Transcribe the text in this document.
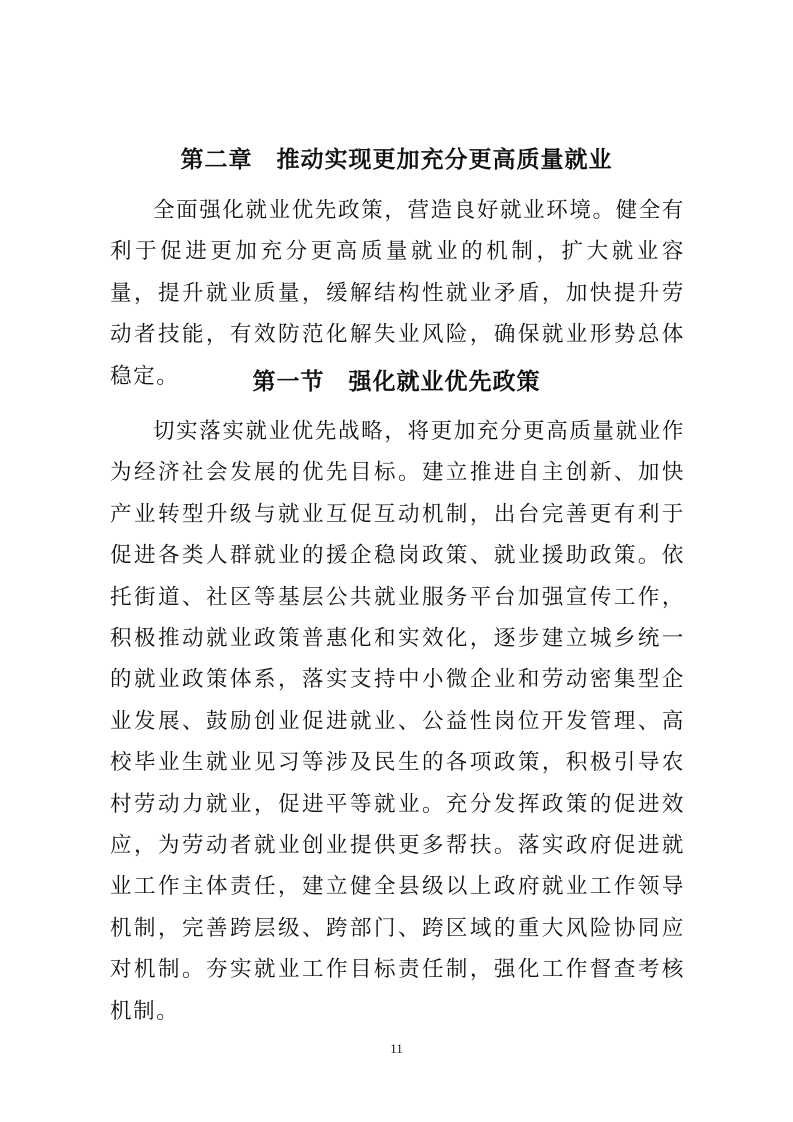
第二章　推动实现更加充分更高质量就业

全面强化就业优先政策，营造良好就业环境。健全有利于促进更加充分更高质量就业的机制，扩大就业容量，提升就业质量，缓解结构性就业矛盾，加快提升劳动者技能，有效防范化解失业风险，确保就业形势总体稳定。	第一节　强化就业优先政策

切实落实就业优先战略，将更加充分更高质量就业作为经济社会发展的优先目标。建立推进自主创新、加快产业转型升级与就业互促互动机制，出台完善更有利于促进各类人群就业的援企稳岗政策、就业援助政策。依托街道、社区等基层公共就业服务平台加强宣传工作，积极推动就业政策普惠化和实效化，逐步建立城乡统一的就业政策体系，落实支持中小微企业和劳动密集型企业发展、鼓励创业促进就业、公益性岗位开发管理、高校毕业生就业见习等涉及民生的各项政策，积极引导农村劳动力就业，促进平等就业。充分发挥政策的促进效应，为劳动者就业创业提供更多帮扶。落实政府促进就业工作主体责任，建立健全县级以上政府就业工作领导机制，完善跨层级、跨部门、跨区域的重大风险协同应对机制。夯实就业工作目标责任制，强化工作督查考核机制。

11
